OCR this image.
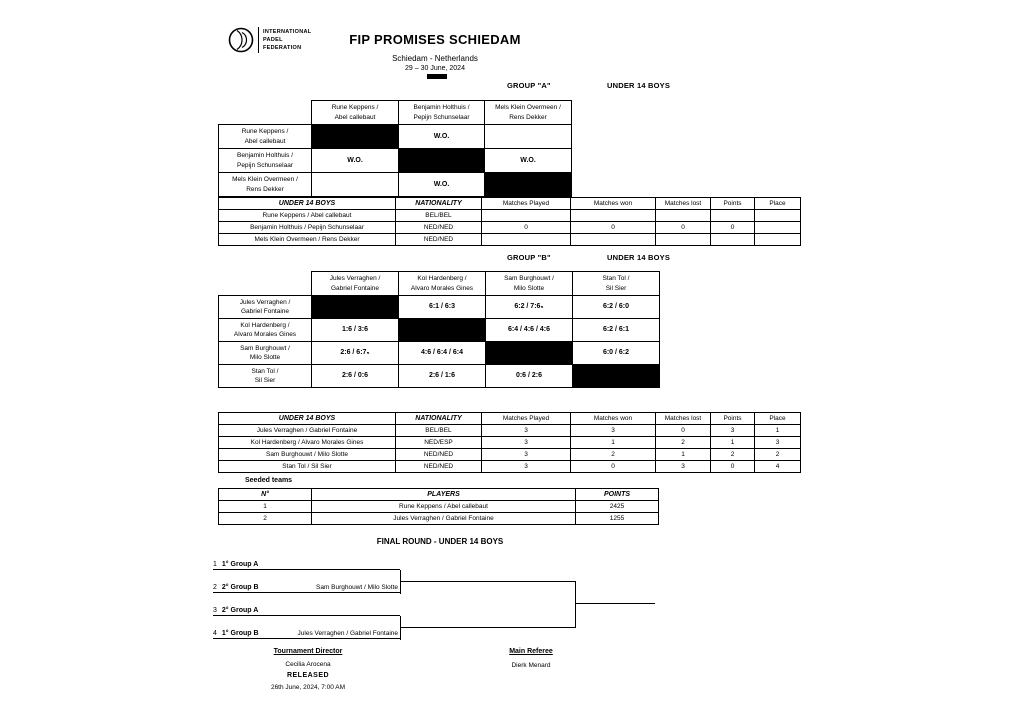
INTERNATIONAL
PADEL
FEDERATION
FIP PROMISES SCHIEDAM
Schiedam - Netherlands
29 – 30 June, 2024
GROUP "A"	UNDER 14 BOYS

Rune Keppens /
Abel callebaut

Benjamin Holthuis /
Pepijn Schunselaar

Mels Klein Overmeen /
Rens Dekker

Rune Keppens /
Abel callebaut		W.O.	

Benjamin Holthuis /
Pepijn Schunselaar	W.O.		W.O.

Mels Klein Overmeen /
Rens Dekker		W.O.	
UNDER 14 BOYS	NATIONALITY	Matches Played	Matches won	Matches lost	Points	Place
Rune Keppens / Abel callebaut	BEL/BEL					
Benjamin Holthuis / Pepijn Schunselaar	NED/NED	0	0	0	0	
Mels Klein Overmeen / Rens Dekker	NED/NED					
GROUP "B"	UNDER 14 BOYS

Jules Verraghen /
Gabriel Fontaine

Kol Hardenberg /
Alvaro Morales Gines

Sam Burghouwt /
Milo Slotte

Stan Tol /
Sil Sier

Jules Verraghen /
Gabriel Fontaine		6:1 / 6:3	6:2 / 7:6₅	6:2 / 6:0

Kol Hardenberg /
Alvaro Morales Gines	1:6 / 3:6		6:4 / 4:6 / 4:6	6:2 / 6:1

Sam Burghouwt /
Milo Slotte	2:6 / 6:7₅	4:6 / 6:4 / 6:4		6:0 / 6:2

Stan Tol /
Sil Sier	2:6 / 0:6	2:6 / 1:6	0:6 / 2:6	
UNDER 14 BOYS	NATIONALITY	Matches Played	Matches won	Matches lost	Points	Place
Jules Verraghen / Gabriel Fontaine	BEL/BEL	3	3	0	3	1
Kol Hardenberg / Alvaro Morales Gines	NED/ESP	3	1	2	1	3
Sam Burghouwt / Milo Slotte	NED/NED	3	2	1	2	2
Stan Tol / Sil Sier	NED/NED	3	0	3	0	4
Seeded teams
N°	PLAYERS	POINTS
1	Rune Keppens / Abel callebaut	2425
2	Jules Verraghen / Gabriel Fontaine	1255
FINAL ROUND - UNDER 14 BOYS
1 1° Group A
2 2° Group B	Sam Burghouwt / Milo Slotte
3 2° Group A
4 1° Group B	Jules Verraghen / Gabriel Fontaine
Tournament Director
Cecilia Arocena
RELEASED
26th June, 2024, 7:00 AM
Main Referee
Dierk Menard
